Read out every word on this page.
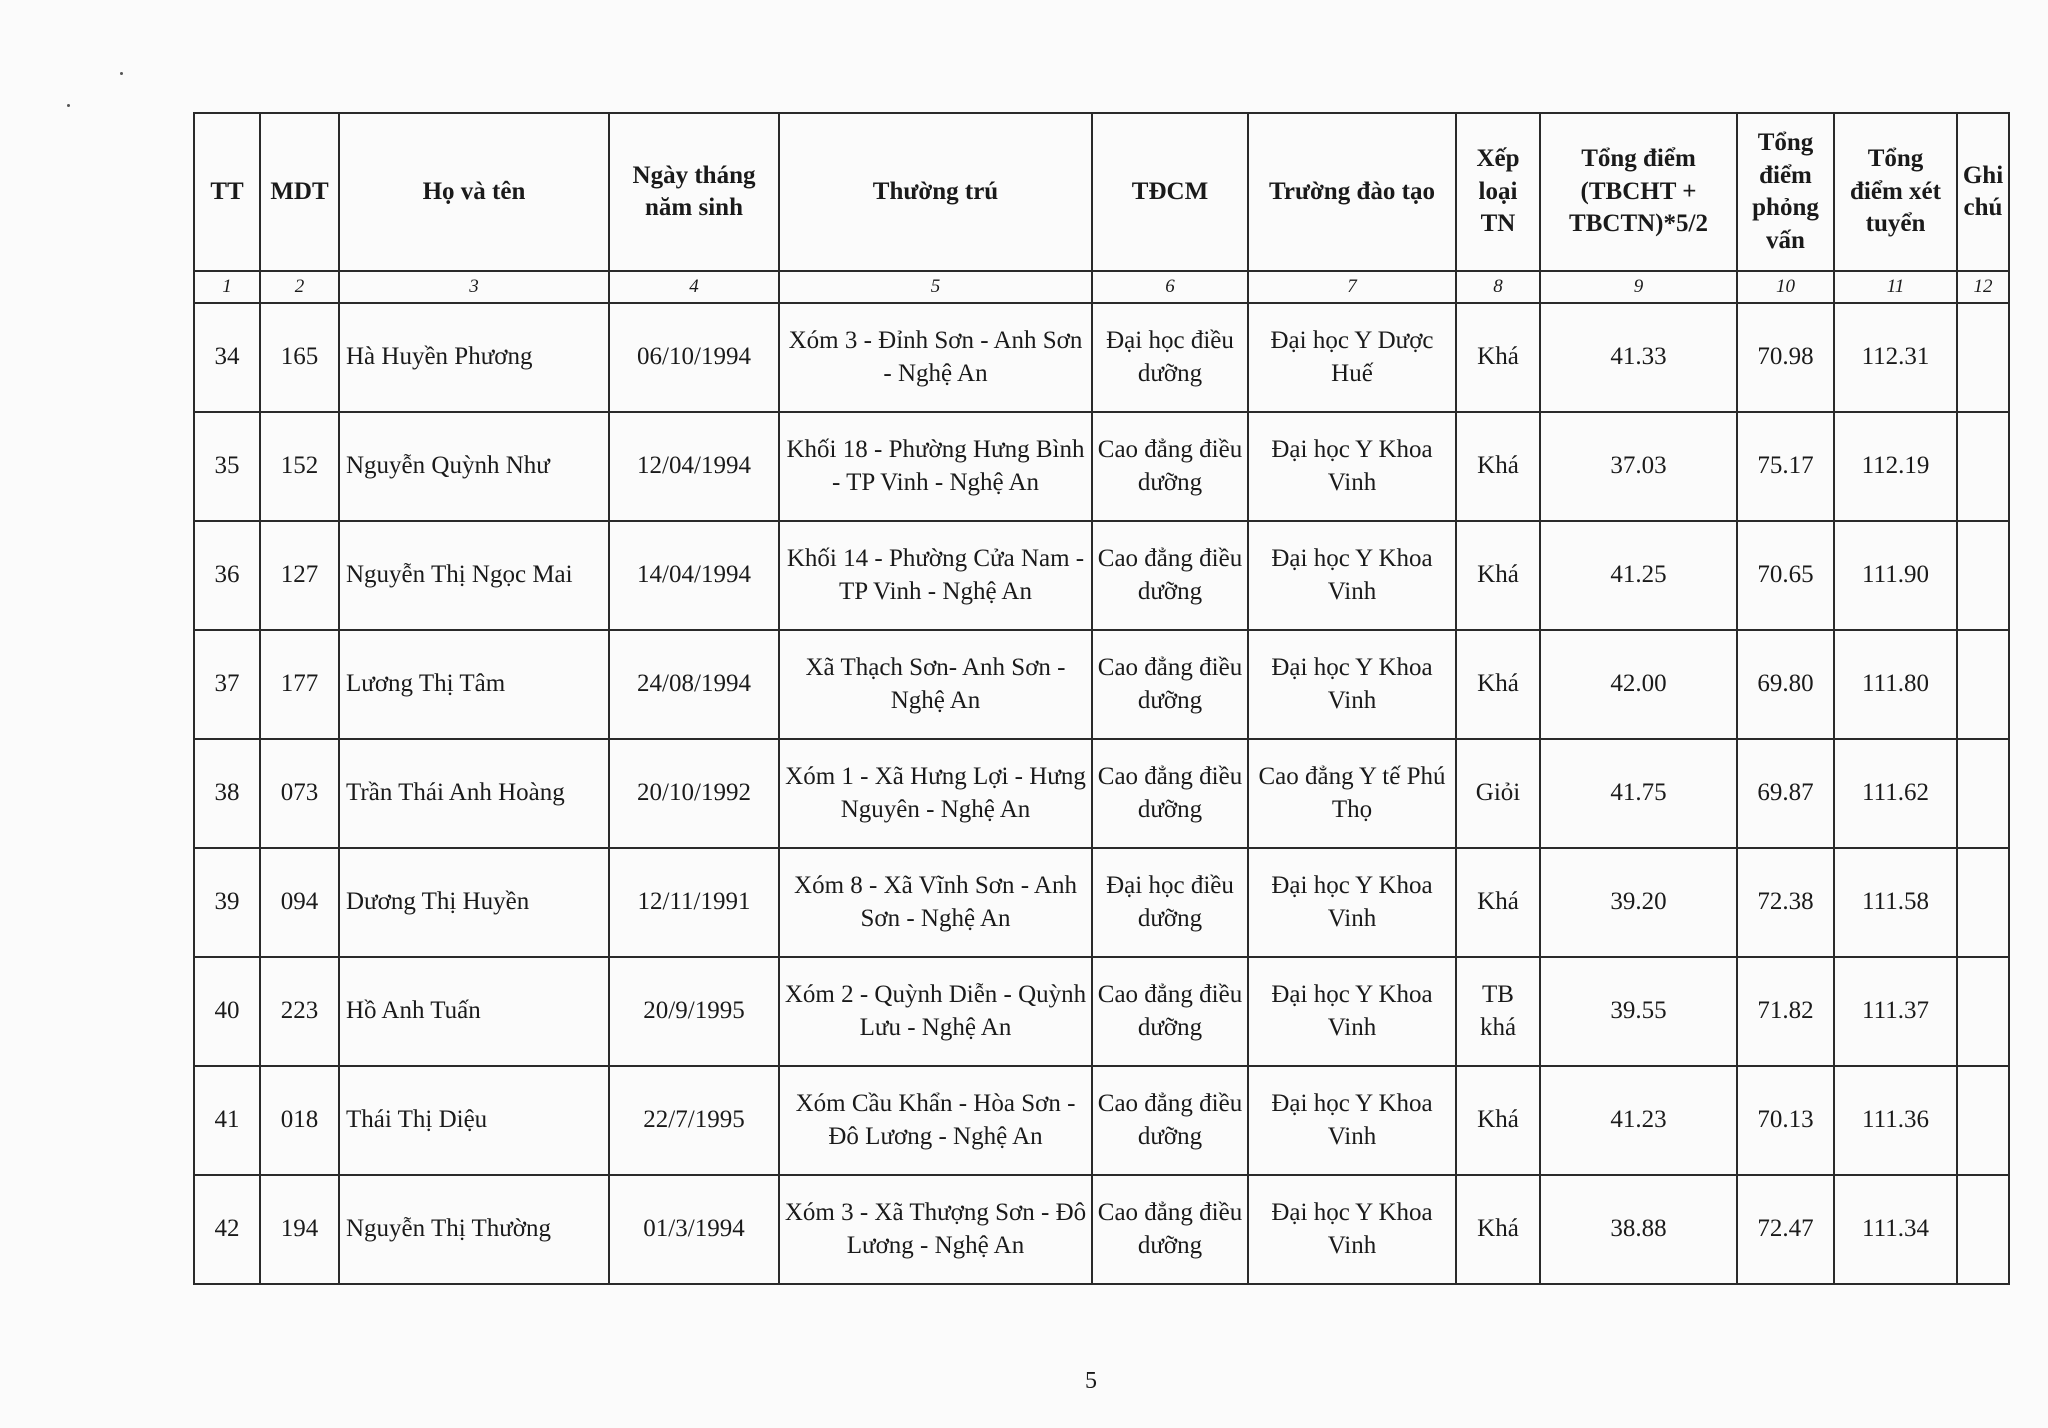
TT	MDT	Họ và tên	Ngày tháng năm sinh	Thường trú	TĐCM	Trường đào tạo	Xếp loại TN	Tổng điểm (TBCHT + TBCTN)*5/2	Tổng điểm phỏng vấn	Tổng điểm xét tuyển	Ghi chú
1	2	3	4	5	6	7	8	9	10	11	12
34	165	Hà Huyền Phương	06/10/1994	Xóm 3 - Đỉnh Sơn - Anh Sơn - Nghệ An	Đại học điều dưỡng	Đại học Y Dược Huế	Khá	41.33	70.98	112.31	
35	152	Nguyễn Quỳnh Như	12/04/1994	Khối 18 - Phường Hưng Bình - TP Vinh - Nghệ An	Cao đẳng điều dưỡng	Đại học Y Khoa Vinh	Khá	37.03	75.17	112.19	
36	127	Nguyễn Thị Ngọc Mai	14/04/1994	Khối 14 - Phường Cửa Nam - TP Vinh - Nghệ An	Cao đẳng điều dưỡng	Đại học Y Khoa Vinh	Khá	41.25	70.65	111.90	
37	177	Lương Thị Tâm	24/08/1994	Xã Thạch Sơn- Anh Sơn - Nghệ An	Cao đẳng điều dưỡng	Đại học Y Khoa Vinh	Khá	42.00	69.80	111.80	
38	073	Trần Thái Anh Hoàng	20/10/1992	Xóm 1 - Xã Hưng Lợi - Hưng Nguyên - Nghệ An	Cao đẳng điều dưỡng	Cao đẳng Y tế Phú Thọ	Giỏi	41.75	69.87	111.62	
39	094	Dương Thị Huyền	12/11/1991	Xóm 8 - Xã Vĩnh Sơn - Anh Sơn - Nghệ An	Đại học điều dưỡng	Đại học Y Khoa Vinh	Khá	39.20	72.38	111.58	
40	223	Hồ Anh Tuấn	20/9/1995	Xóm 2 - Quỳnh Diễn - Quỳnh Lưu - Nghệ An	Cao đẳng điều dưỡng	Đại học Y Khoa Vinh	TB khá	39.55	71.82	111.37	
41	018	Thái Thị Diệu	22/7/1995	Xóm Cầu Khẩn - Hòa Sơn - Đô Lương - Nghệ An	Cao đẳng điều dưỡng	Đại học Y Khoa Vinh	Khá	41.23	70.13	111.36	
42	194	Nguyễn Thị Thường	01/3/1994	Xóm 3 - Xã Thượng Sơn - Đô Lương - Nghệ An	Cao đẳng điều dưỡng	Đại học Y Khoa Vinh	Khá	38.88	72.47	111.34	
5
